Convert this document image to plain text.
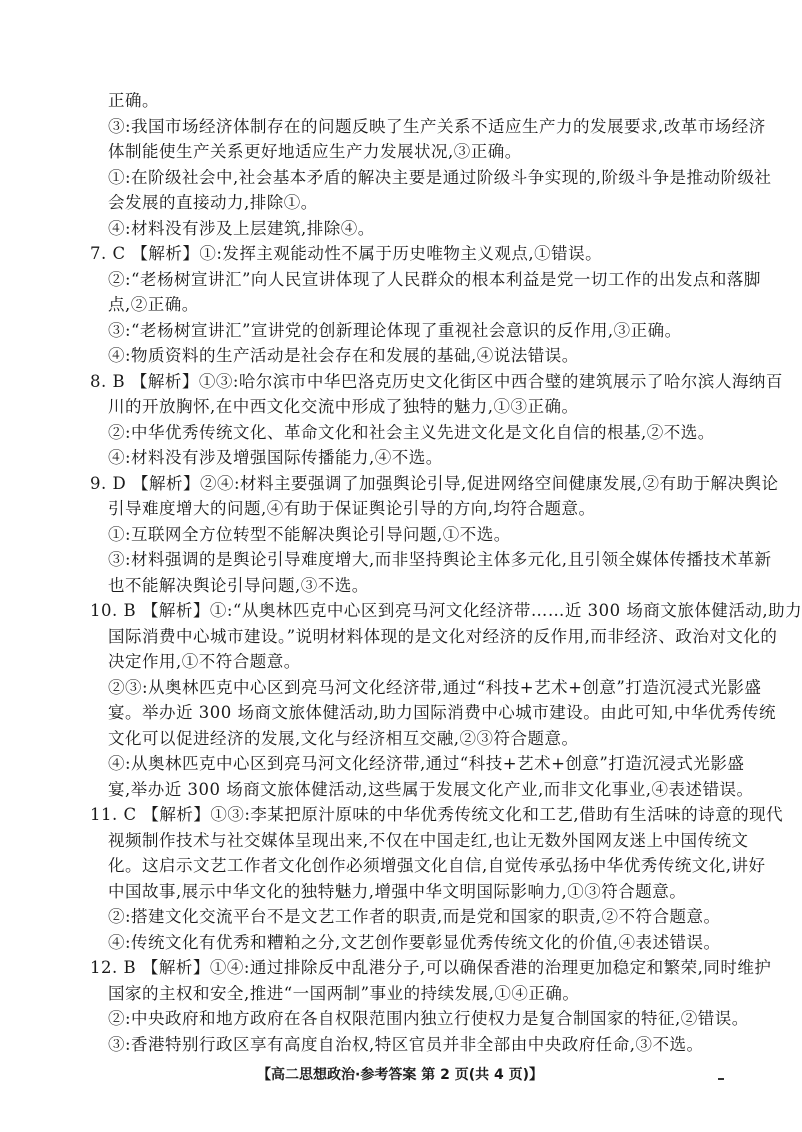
正确。
③:我国市场经济体制存在的问题反映了生产关系不适应生产力的发展要求,改革市场经济
体制能使生产关系更好地适应生产力发展状况,③正确。
①:在阶级社会中,社会基本矛盾的解决主要是通过阶级斗争实现的,阶级斗争是推动阶级社
会发展的直接动力,排除①。
④:材料没有涉及上层建筑,排除④。
7. C 【解析】①:发挥主观能动性不属于历史唯物主义观点,①错误。
②:“老杨树宣讲汇”向人民宣讲体现了人民群众的根本利益是党一切工作的出发点和落脚
点,②正确。
③:“老杨树宣讲汇”宣讲党的创新理论体现了重视社会意识的反作用,③正确。
④:物质资料的生产活动是社会存在和发展的基础,④说法错误。
8. B 【解析】①③:哈尔滨市中华巴洛克历史文化街区中西合璧的建筑展示了哈尔滨人海纳百
川的开放胸怀,在中西文化交流中形成了独特的魅力,①③正确。
②:中华优秀传统文化、革命文化和社会主义先进文化是文化自信的根基,②不选。
④:材料没有涉及增强国际传播能力,④不选。
9. D 【解析】②④:材料主要强调了加强舆论引导,促进网络空间健康发展,②有助于解决舆论
引导难度增大的问题,④有助于保证舆论引导的方向,均符合题意。
①:互联网全方位转型不能解决舆论引导问题,①不选。
③:材料强调的是舆论引导难度增大,而非坚持舆论主体多元化,且引领全媒体传播技术革新
也不能解决舆论引导问题,③不选。
10. B 【解析】①:“从奥林匹克中心区到亮马河文化经济带……近 300 场商文旅体健活动,助力
国际消费中心城市建设。”说明材料体现的是文化对经济的反作用,而非经济、政治对文化的
决定作用,①不符合题意。
②③:从奥林匹克中心区到亮马河文化经济带,通过“科技+艺术+创意”打造沉浸式光影盛
宴。举办近 300 场商文旅体健活动,助力国际消费中心城市建设。由此可知,中华优秀传统
文化可以促进经济的发展,文化与经济相互交融,②③符合题意。
④:从奥林匹克中心区到亮马河文化经济带,通过“科技+艺术+创意”打造沉浸式光影盛
宴,举办近 300 场商文旅体健活动,这些属于发展文化产业,而非文化事业,④表述错误。
11. C 【解析】①③:李某把原汁原味的中华优秀传统文化和工艺,借助有生活味的诗意的现代
视频制作技术与社交媒体呈现出来,不仅在中国走红,也让无数外国网友迷上中国传统文
化。这启示文艺工作者文化创作必须增强文化自信,自觉传承弘扬中华优秀传统文化,讲好
中国故事,展示中华文化的独特魅力,增强中华文明国际影响力,①③符合题意。
②:搭建文化交流平台不是文艺工作者的职责,而是党和国家的职责,②不符合题意。
④:传统文化有优秀和糟粕之分,文艺创作要彰显优秀传统文化的价值,④表述错误。
12. B 【解析】①④:通过排除反中乱港分子,可以确保香港的治理更加稳定和繁荣,同时维护
国家的主权和安全,推进“一国两制”事业的持续发展,①④正确。
②:中央政府和地方政府在各自权限范围内独立行使权力是复合制国家的特征,②错误。
③:香港特别行政区享有高度自治权,特区官员并非全部由中央政府任命,③不选。
【高二思想政治·参考答案 第 2 页(共 4 页)】
